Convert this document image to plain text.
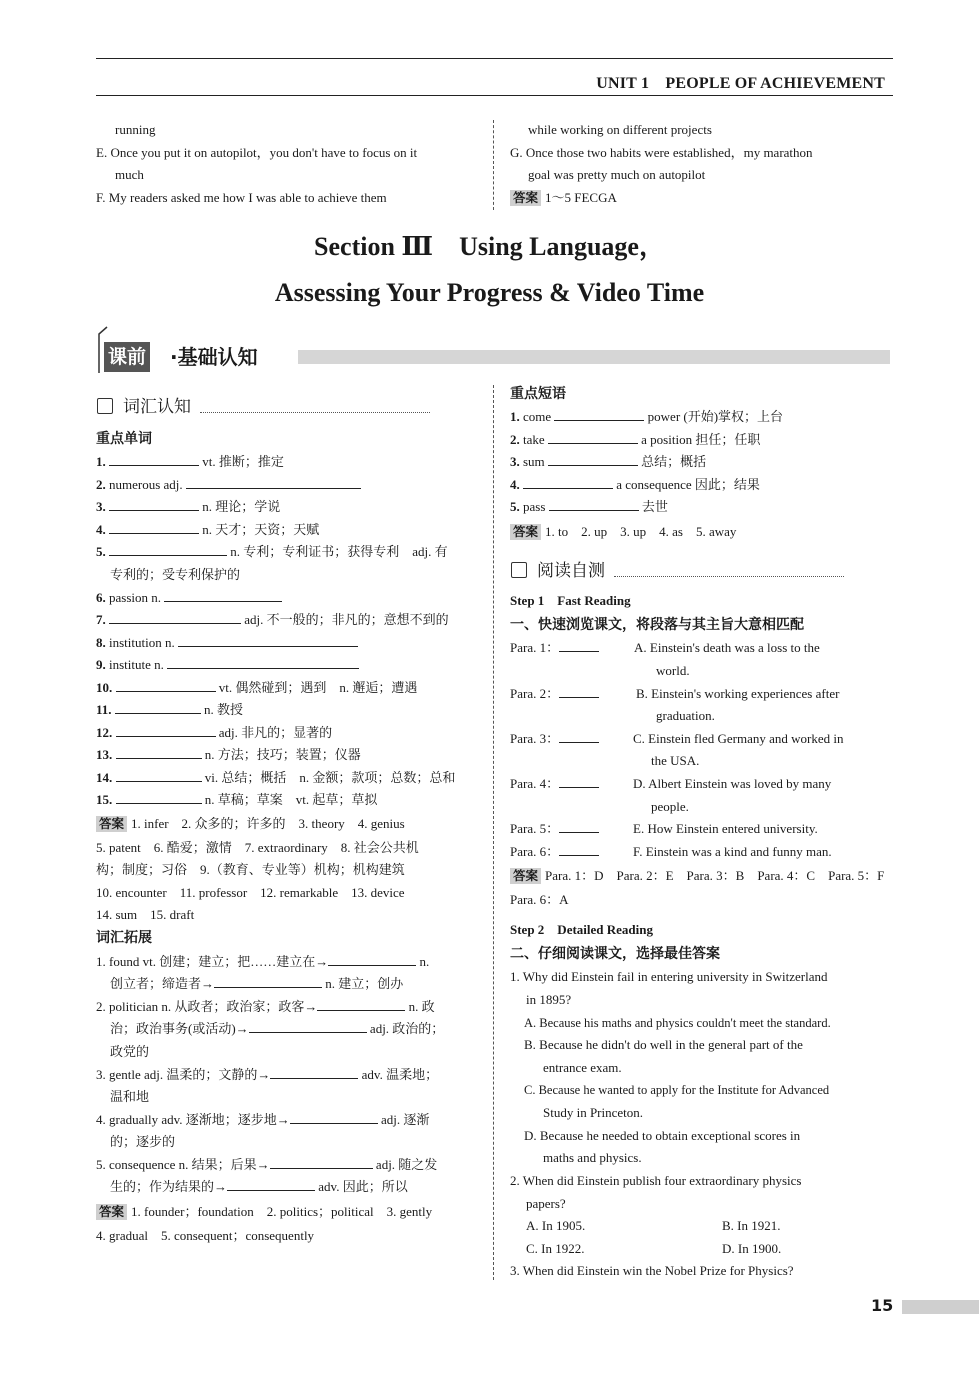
UNIT 1　PEOPLE OF ACHIEVEMENT
running
E. Once you put it on autopilot，you don't have to focus on it
much
F. My readers asked me how I was able to achieve them
while working on different projects
G. Once those two habits were established，my marathon
goal was pretty much on autopilot
答案 1～5 FECGA
Section Ⅲ　Using Language，
Assessing Your Progress & Video Time
课前 ·基础认知
词汇认知
重点单词
1.	vt. 推断；推定
2. numerous adj.
3.	n. 理论；学说
4.	n. 天才；天资；天赋
5.	n. 专利；专利证书；获得专利　adj. 有
专利的；受专利保护的
6. passion n.
7.	adj. 不一般的；非凡的；意想不到的
8. institution n.
9. institute n.
10.	vt. 偶然碰到；遇到　n. 邂逅；遭遇
11.	n. 教授
12.	adj. 非凡的；显著的
13.	n. 方法；技巧；装置；仪器
14.	vi. 总结；概括　n. 金额；款项；总数；总和
15.	n. 草稿；草案　vt. 起草；草拟
答案 1. infer　2. 众多的；许多的　3. theory　4. genius
5. patent　6. 酷爱；激情　7. extraordinary　8. 社会公共机
构；制度；习俗　9.（教育、专业等）机构；机构建筑
10. encounter　11. professor　12. remarkable　13. device
14. sum　15. draft
词汇拓展
1. found vt. 创建；建立；把……建立在→	n.
创立者；缔造者→	n. 建立；创办
2. politician n. 从政者；政治家；政客→	n. 政
治；政治事务(或活动)→	adj. 政治的；
政党的
3. gentle adj. 温柔的；文静的→	adv. 温柔地；
温和地
4. gradually adv. 逐渐地；逐步地→	adj. 逐渐
的；逐步的
5. consequence n. 结果；后果→	adj. 随之发
生的；作为结果的→	adv. 因此；所以
答案 1. founder；foundation　2. politics；political　3. gently
4. gradual　5. consequent；consequently
重点短语
1. come	power (开始)掌权；上台
2. take	a position 担任；任职
3. sum	总结；概括
4.	a consequence 因此；结果
5. pass	去世
答案 1. to　2. up　3. up　4. as　5. away
阅读自测
Step 1　Fast Reading
一、快速浏览课文，将段落与其主旨大意相匹配
Para. 1：	A. Einstein's death was a loss to the
world.
Para. 2：	B. Einstein's working experiences after
graduation.
Para. 3：	C. Einstein fled Germany and worked in
the USA.
Para. 4：	D. Albert Einstein was loved by many
people.
Para. 5：	E. How Einstein entered university.
Para. 6：	F. Einstein was a kind and funny man.
答案 Para. 1：D　Para. 2：E　Para. 3：B　Para. 4：C　Para. 5：F
Para. 6：A
Step 2　Detailed Reading
二、仔细阅读课文，选择最佳答案
1. Why did Einstein fail in entering university in Switzerland
in 1895?
A. Because his maths and physics couldn't meet the standard.
B. Because he didn't do well in the general part of the
entrance exam.
C. Because he wanted to apply for the Institute for Advanced
Study in Princeton.
D. Because he needed to obtain exceptional scores in
maths and physics.
2. When did Einstein publish four extraordinary physics
papers?
A. In 1905.	B. In 1921.
C. In 1922.	D. In 1900.
3. When did Einstein win the Nobel Prize for Physics?
15
